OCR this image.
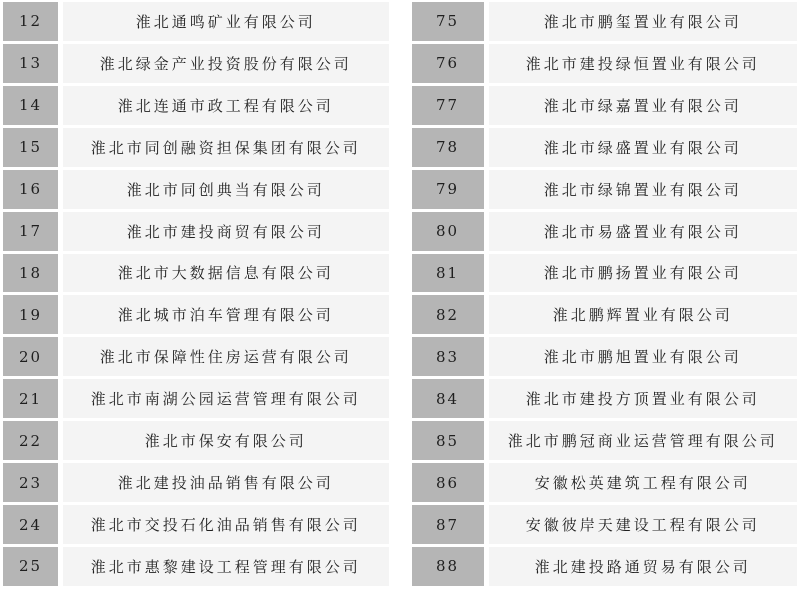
12	淮北通鸣矿业有限公司
13	淮北绿金产业投资股份有限公司
14	淮北连通市政工程有限公司
15	淮北市同创融资担保集团有限公司
16	淮北市同创典当有限公司
17	淮北市建投商贸有限公司
18	淮北市大数据信息有限公司
19	淮北城市泊车管理有限公司
20	淮北市保障性住房运营有限公司
21	淮北市南湖公园运营管理有限公司
22	淮北市保安有限公司
23	淮北建投油品销售有限公司
24	淮北市交投石化油品销售有限公司
25	淮北市惠黎建设工程管理有限公司
75	淮北市鹏玺置业有限公司
76	淮北市建投绿恒置业有限公司
77	淮北市绿嘉置业有限公司
78	淮北市绿盛置业有限公司
79	淮北市绿锦置业有限公司
80	淮北市易盛置业有限公司
81	淮北市鹏扬置业有限公司
82	淮北鹏辉置业有限公司
83	淮北市鹏旭置业有限公司
84	淮北市建投方顶置业有限公司
85	淮北市鹏冠商业运营管理有限公司
86	安徽松英建筑工程有限公司
87	安徽彼岸天建设工程有限公司
88	淮北建投路通贸易有限公司
